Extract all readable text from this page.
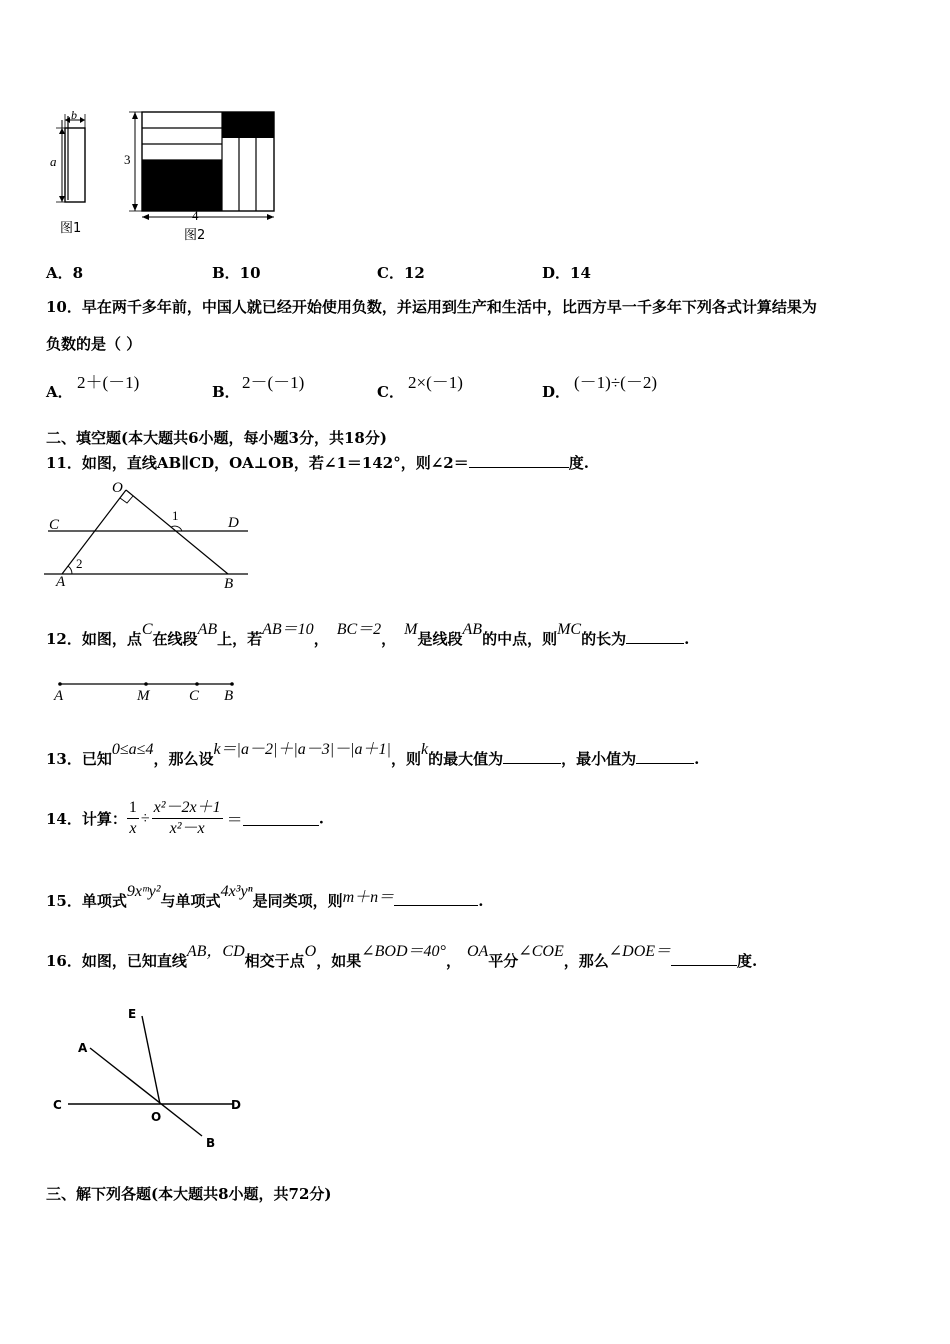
b
a
图1
3
4
图2
A．8	B．10	C．12	D．14
10．早在两千多年前，中国人就已经开始使用负数，并运用到生产和生活中，比西方早一千多年下列各式计算结果为
负数的是（ ）
A． 2＋(－1)	B． 2－(－1)	C． 2×(－1)	D． (－1)÷(－2)
二、填空题(本大题共6小题，每小题3分，共18分)
11．如图，直线AB∥CD，OA⊥OB，若∠1＝142°，则∠2＝	度.
O
C	D
1
2
A	B
12．如图，点C在线段AB上，若AB＝10，BC＝2，M是线段AB的中点，则MC的长为	.
A	M	C B
13．已知0≤a≤4，那么设k＝|a－2|＋|a－3|－|a＋1|，则k的最大值为	，最小值为	.
14．计算： $\frac{1}{x} \div \frac{\text{x²－2x＋1}}{\text{x²－x}}$ ＝	.
15．单项式9xᵐy²与单项式4x³yⁿ是同类项，则m＋n＝	.
16．如图，已知直线AB，CD相交于点O，如果∠BOD＝40°，OA平分∠COE，那么∠DOE＝度.
E
A
C
O
D
B
三、解下列各题(本大题共8小题，共72分)
